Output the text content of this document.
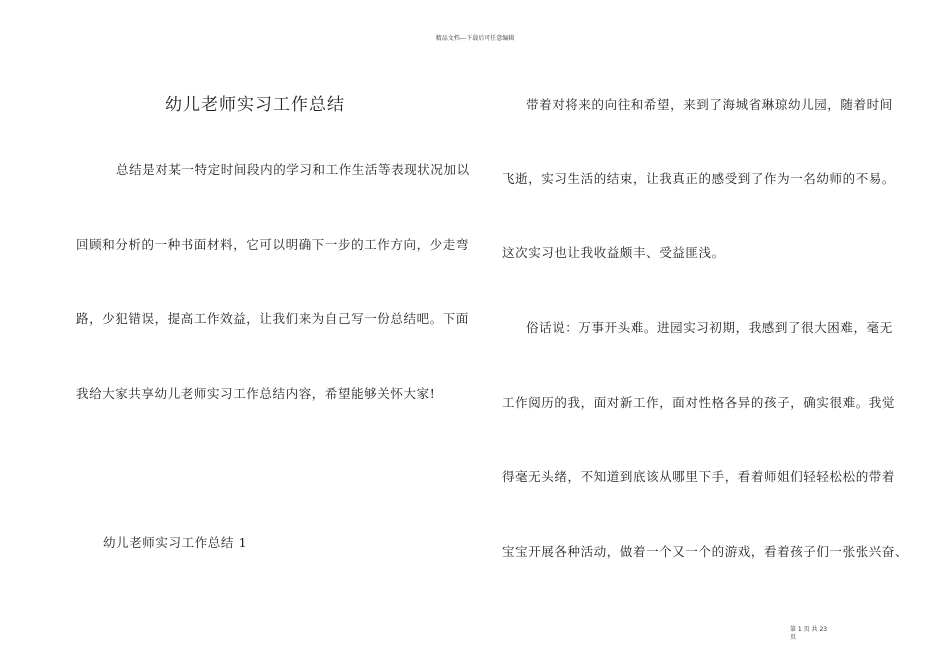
精品文档---下载后可任意编辑
幼儿老师实习工作总结
总结是对某一特定时间段内的学习和工作生活等表现状况加以
回顾和分析的一种书面材料，它可以明确下一步的工作方向，少走弯
路，少犯错误，提高工作效益，让我们来为自己写一份总结吧。下面
我给大家共享幼儿老师实习工作总结内容，希望能够关怀大家!
幼儿老师实习工作总结 1
带着对将来的向往和希望，来到了海城省琳琼幼儿园，随着时间
飞逝，实习生活的结束，让我真正的感受到了作为一名幼师的不易。
这次实习也让我收益颇丰、受益匪浅。
俗话说：万事开头难。进园实习初期，我感到了很大困难，毫无
工作阅历的我，面对新工作，面对性格各异的孩子，确实很难。我觉
得毫无头绪，不知道到底该从哪里下手，看着师姐们轻轻松松的带着
宝宝开展各种活动，做着一个又一个的游戏，看着孩子们一张张兴奋、
第 1 页 共 23 页
